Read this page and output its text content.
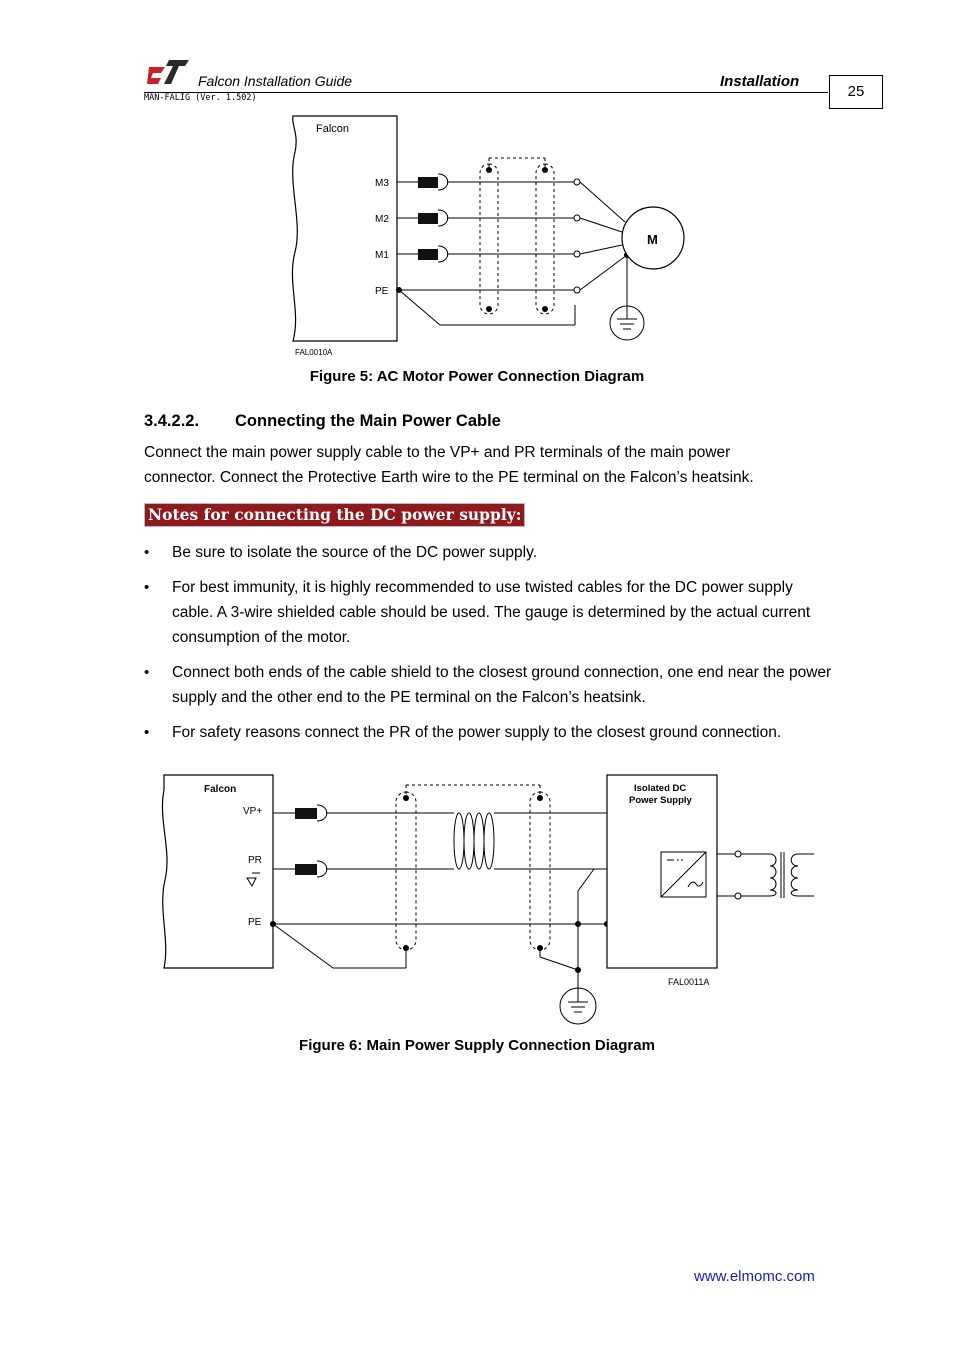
Falcon Installation Guide	Installation
MAN-FALIG (Ver. 1.502)	25
Falcon
M3
M2
M1
PE
M
FAL0010A
Figure 5: AC Motor Power Connection Diagram
3.4.2.2. Connecting the Main Power Cable
Connect the main power supply cable to the VP+ and PR terminals of the main power
connector. Connect the Protective Earth wire to the PE terminal on the Falcon’s heatsink.
Notes for connecting the DC power supply:
• Be sure to isolate the source of the DC power supply.
• For best immunity, it is highly recommended to use twisted cables for the DC power supply cable. A 3-wire shielded cable should be used. The gauge is determined by the actual current consumption of the motor.
• Connect both ends of the cable shield to the closest ground connection, one end near the power supply and the other end to the PE terminal on the Falcon’s heatsink.
• For safety reasons connect the PR of the power supply to the closest ground connection.
Falcon
VP+
PR
PE
Isolated DC
Power Supply
FAL0011A
Figure 6: Main Power Supply Connection Diagram
www.elmomc.com
